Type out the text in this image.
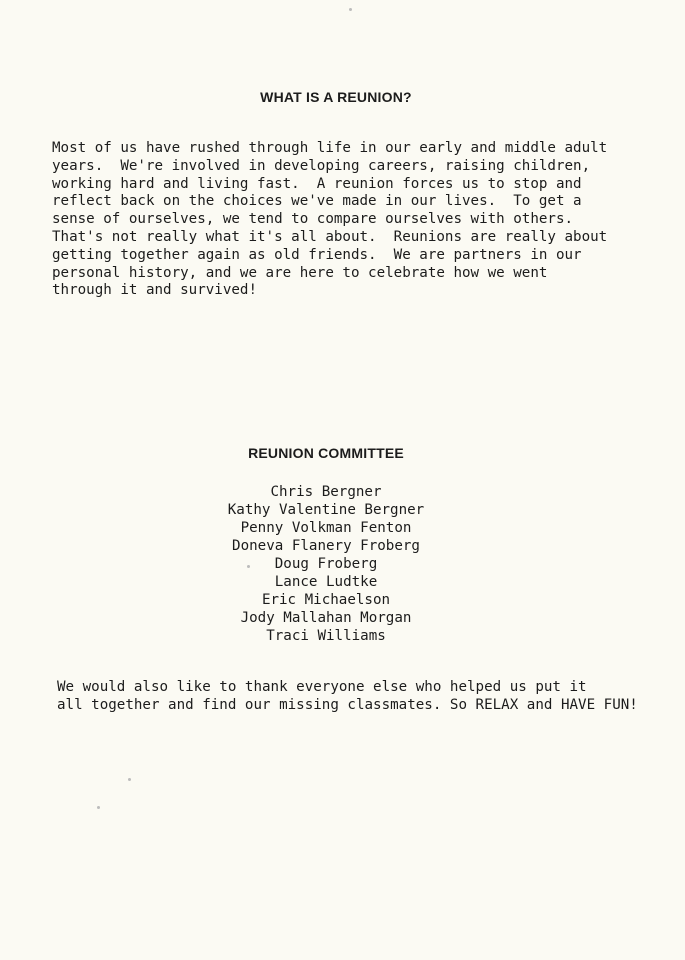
WHAT IS A REUNION?
Most of us have rushed through life in our early and middle adult
years.  We're involved in developing careers, raising children,
working hard and living fast.  A reunion forces us to stop and
reflect back on the choices we've made in our lives.  To get a
sense of ourselves, we tend to compare ourselves with others.
That's not really what it's all about.  Reunions are really about
getting together again as old friends.  We are partners in our
personal history, and we are here to celebrate how we went
through it and survived!
REUNION COMMITTEE
Chris Bergner
Kathy Valentine Bergner
Penny Volkman Fenton
Doneva Flanery Froberg
Doug Froberg
Lance Ludtke
Eric Michaelson
Jody Mallahan Morgan
Traci Williams
We would also like to thank everyone else who helped us put it
all together and find our missing classmates. So RELAX and HAVE FUN!
